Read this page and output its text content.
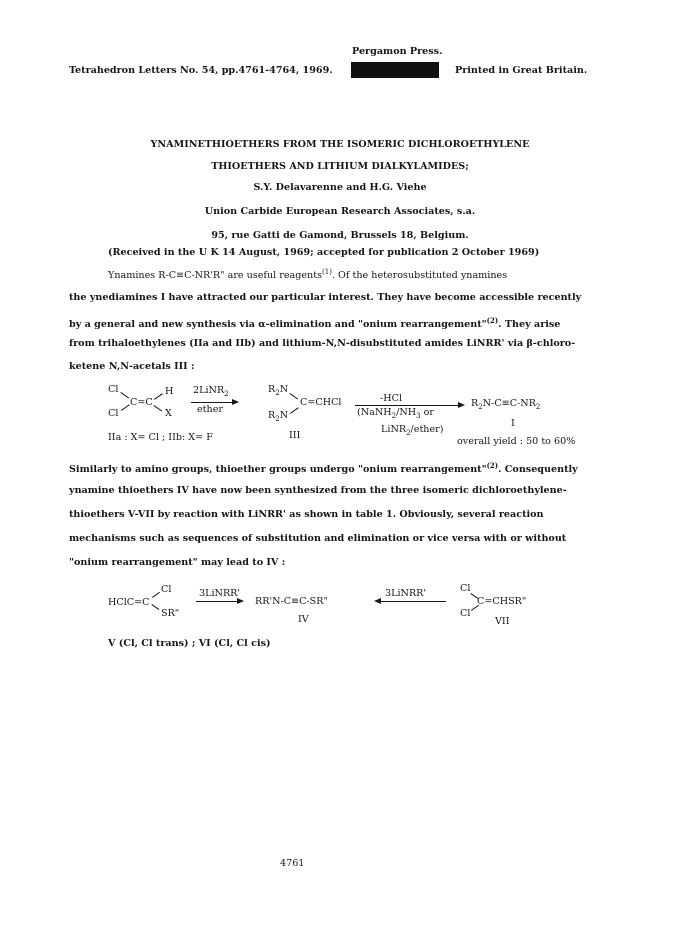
Pergamon Press.
Tetrahedron Letters No. 54, pp.4761-4764, 1969.	Printed in Great Britain.
YNAMINETHIOETHERS FROM THE ISOMERIC DICHLOROETHYLENE
THIOETHERS AND LITHIUM DIALKYLAMIDES;
S.Y. Delavarenne and H.G. Viehe
Union Carbide European Research Associates, s.a.
95, rue Gatti de Gamond, Brussels 18, Belgium.
(Received in the U K 14 August, 1969; accepted for publication 2 October 1969)
Ynamines R-C≡C-NR'R" are useful reagents$^{(1)}$. Of the heterosubstituted ynamines
the ynediamines I have attracted our particular interest. They have become accessible recently
by a general and new synthesis via α-elimination and "onium rearrangement"$^{(2)}$. They arise
from trihaloethylenes (IIa and IIb) and lithium-N,N-disubstituted amides LiNRR' via β-chloro-
ketene N,N-acetals III :
Cl
Cl
C=C
H
X
2LiNR$_2$
ether
$R_2N$
C=CHCl
$R_2N$
III
-HCl
($NaNH_2/NH_3$ or
LiNR$_2$/ether)
$R_2N-C\equiv C-NR_2$
I
IIa : X= Cl ; IIb: X= F	overall yield : 50 to 60%
Similarly to amino groups, thioether groups undergo "onium rearrangement"$^{(2)}$. Consequently
ynamine thioethers IV have now been synthesized from the three isomeric dichloroethylene-
thioethers V-VII by reaction with LiNRR' as shown in table 1. Obviously, several reaction
mechanisms such as sequences of substitution and elimination or vice versa with or without
"onium rearrangement" may lead to IV :
HClC=C
Cl
SR"
3LiNRR'
RR'N-C≡C-SR"
IV
3LiNRR'	Cl
C=CHSR"
Cl
VII
V (Cl, Cl trans) ; VI (Cl, Cl cis)
4761
